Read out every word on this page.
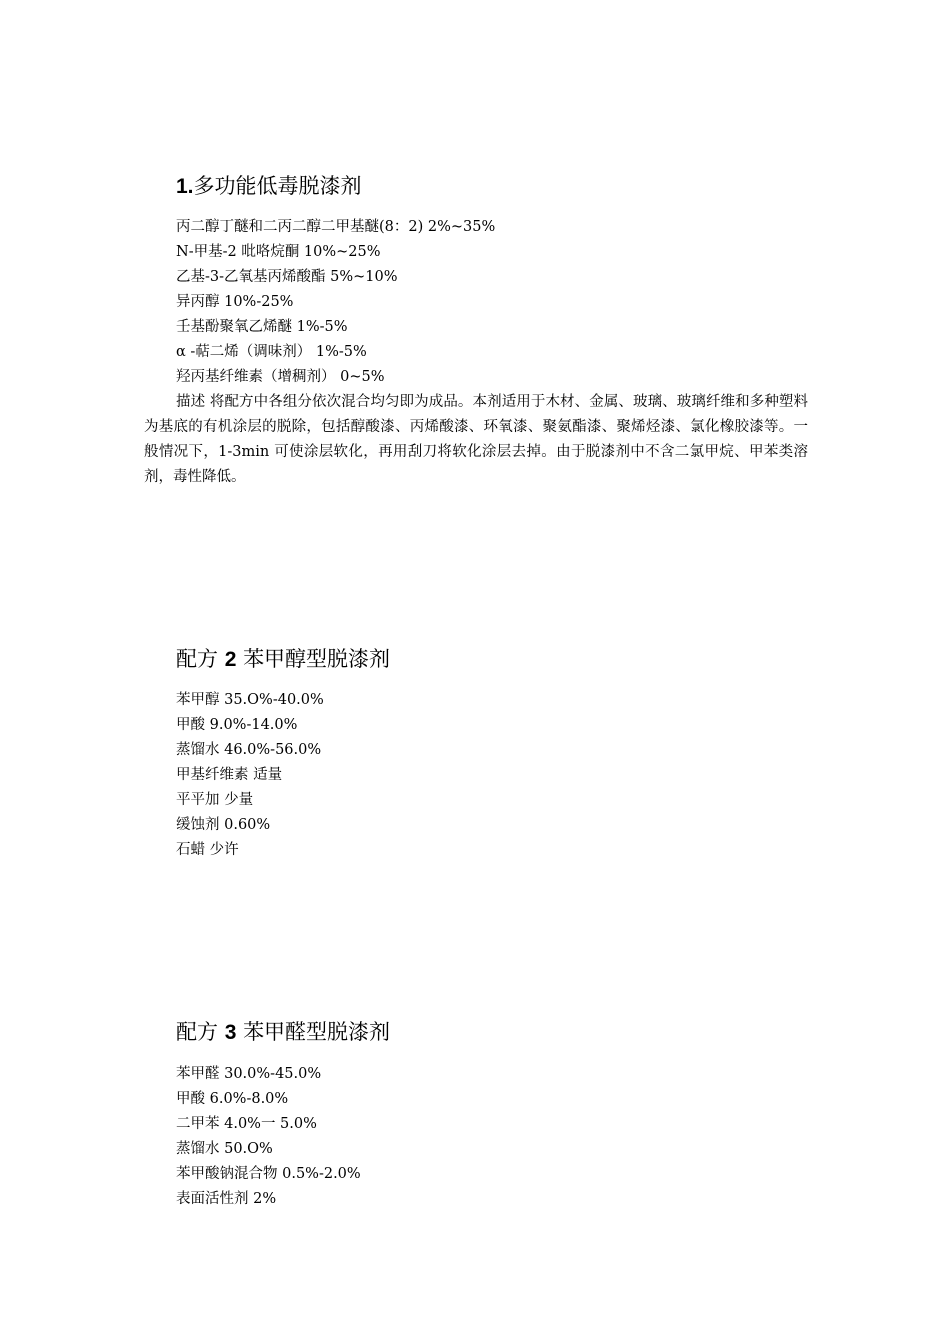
1.多功能低毒脱漆剂
丙二醇丁醚和二丙二醇二甲基醚(8：2) 2%~35%
N-甲基-2 吡咯烷酮 10%~25%
乙基-3-乙氧基丙烯酸酯 5%~10%
异丙醇 10%-25%
壬基酚聚氧乙烯醚 1%-5%
α -萜二烯（调味剂） 1%-5%
羟丙基纤维素（增稠剂） 0~5%
描述 将配方中各组分依次混合均匀即为成品。本剂适用于木材、金属、玻璃、玻璃纤维和多种塑料为基底的有机涂层的脱除，包括醇酸漆、丙烯酸漆、环氧漆、聚氨酯漆、聚烯烃漆、氯化橡胶漆等。一般情况下，1-3min 可使涂层软化，再用刮刀将软化涂层去掉。由于脱漆剂中不含二氯甲烷、甲苯类溶剂，毒性降低。
配方 2 苯甲醇型脱漆剂
苯甲醇 35.O%-40.0%
甲酸 9.0%-14.0%
蒸馏水 46.0%-56.0%
甲基纤维素 适量
平平加 少量
缓蚀剂 0.60%
石蜡 少许
配方 3 苯甲醛型脱漆剂
苯甲醛 30.0%-45.0%
甲酸 6.0%-8.0%
二甲苯 4.0%一 5.0%
蒸馏水 50.O%
苯甲酸钠混合物 0.5%-2.0%
表面活性剂 2%
